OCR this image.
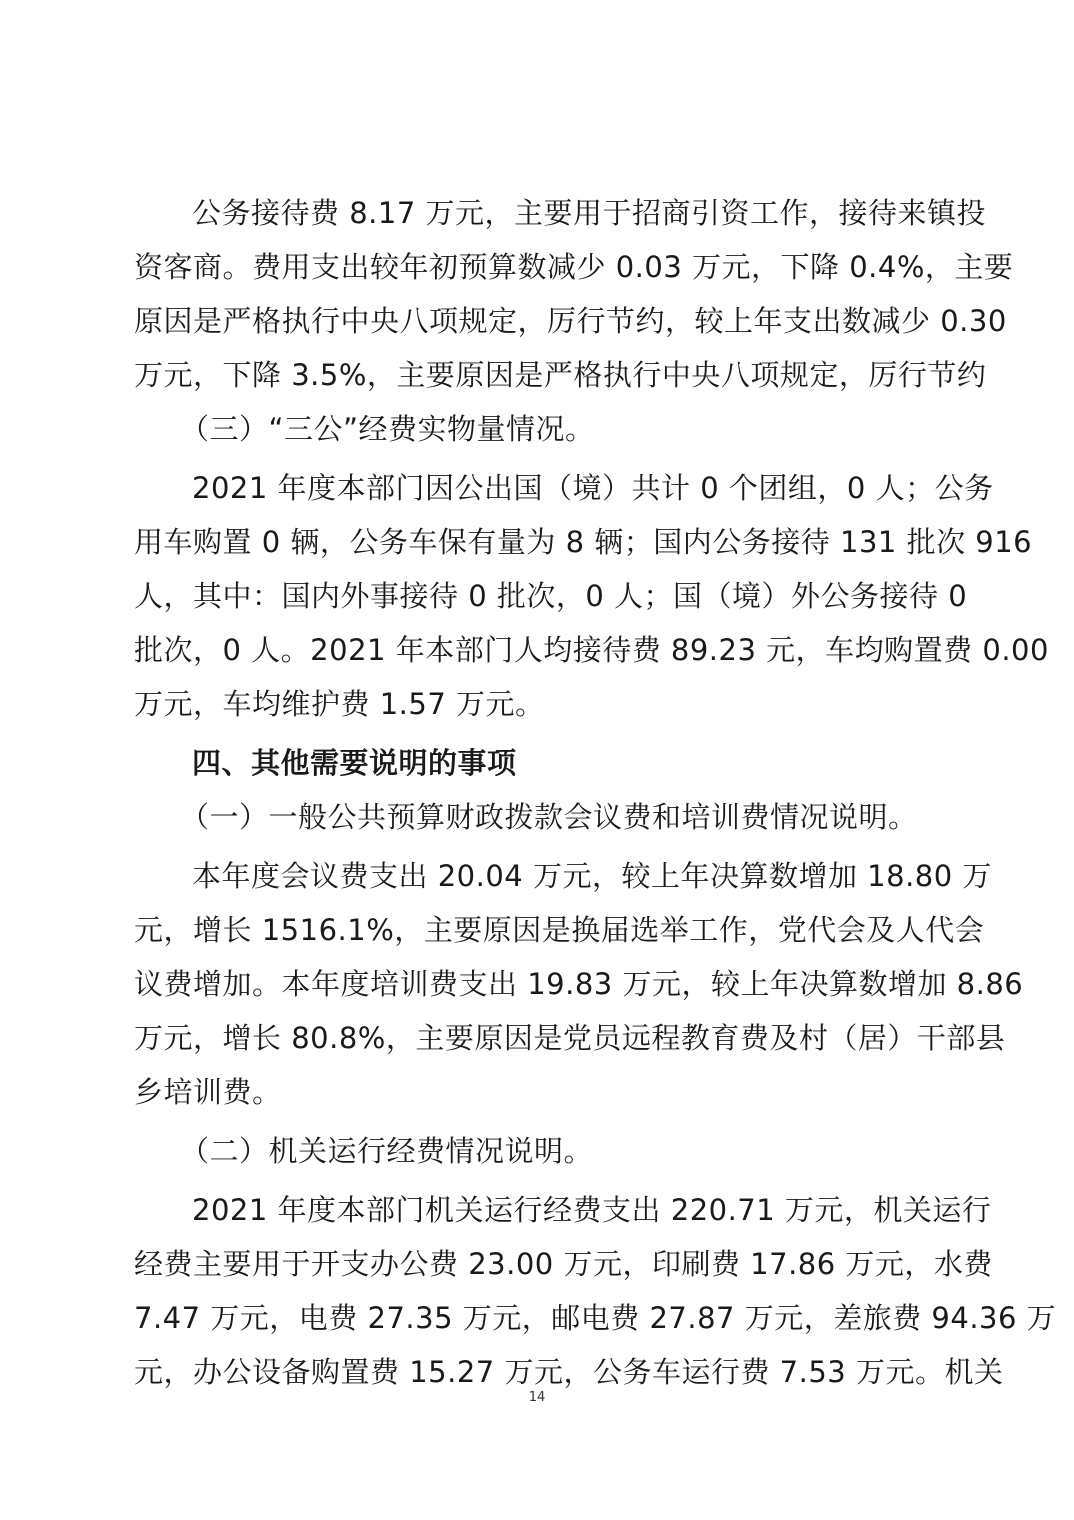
公务接待费 8.17 万元，主要用于招商引资工作，接待来镇投
资客商。费用支出较年初预算数减少 0.03 万元，下降 0.4%，主要
原因是严格执行中央八项规定，厉行节约，较上年支出数减少 0.30
万元，下降 3.5%，主要原因是严格执行中央八项规定，厉行节约
（三）“三公”经费实物量情况。
2021 年度本部门因公出国（境）共计 0 个团组，0 人；公务
用车购置 0 辆，公务车保有量为 8 辆；国内公务接待 131 批次 916
人，其中：国内外事接待 0 批次，0 人；国（境）外公务接待 0
批次，0 人。2021 年本部门人均接待费 89.23 元，车均购置费 0.00
万元，车均维护费 1.57 万元。
四、其他需要说明的事项
（一）一般公共预算财政拨款会议费和培训费情况说明。
本年度会议费支出 20.04 万元，较上年决算数增加 18.80 万
元，增长 1516.1%，主要原因是换届选举工作，党代会及人代会
议费增加。本年度培训费支出 19.83 万元，较上年决算数增加 8.86
万元，增长 80.8%，主要原因是党员远程教育费及村（居）干部县
乡培训费。
（二）机关运行经费情况说明。
2021 年度本部门机关运行经费支出 220.71 万元，机关运行
经费主要用于开支办公费 23.00 万元，印刷费 17.86 万元，水费
7.47 万元，电费 27.35 万元，邮电费 27.87 万元，差旅费 94.36 万
元，办公设备购置费 15.27 万元，公务车运行费 7.53 万元。机关
14
